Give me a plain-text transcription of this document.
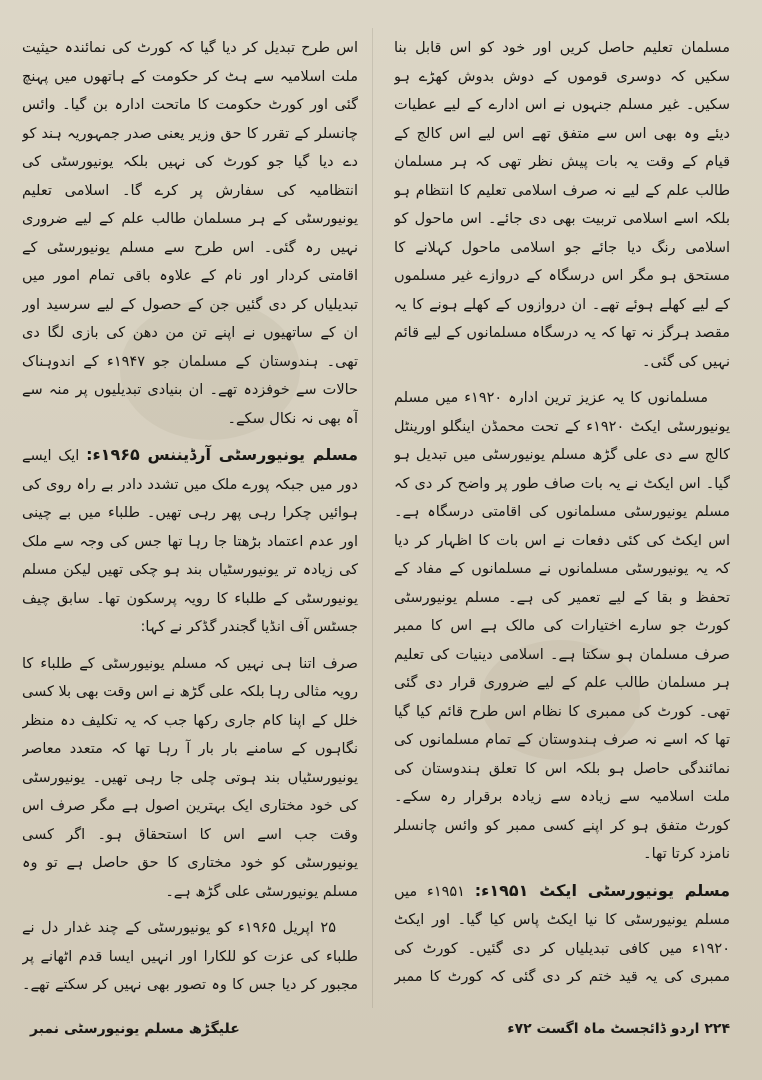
مسلمان تعلیم حاصل کریں اور خود کو اس قابل بنا سکیں کہ دوسری قوموں کے دوش بدوش کھڑے ہو سکیں۔ غیر مسلم جنہوں نے اس ادارے کے لیے عطیات دیئے وہ بھی اس سے متفق تھے اس لیے اس کالج کے قیام کے وقت یہ بات پیش نظر تھی کہ ہر مسلمان طالب علم کے لیے نہ صرف اسلامی تعلیم کا انتظام ہو بلکہ اسے اسلامی تربیت بھی دی جائے۔ اس ماحول کو اسلامی رنگ دیا جائے جو اسلامی ماحول کہلانے کا مستحق ہو مگر اس درسگاہ کے دروازے غیر مسلموں کے لیے کھلے ہوئے تھے۔ ان دروازوں کے کھلے ہونے کا یہ مقصد ہرگز نہ تھا کہ یہ درسگاہ مسلمانوں کے لیے قائم نہیں کی گئی۔

مسلمانوں کا یہ عزیز ترین ادارہ ۱۹۲۰ء میں مسلم یونیورسٹی ایکٹ ۱۹۲۰ء کے تحت محمڈن اینگلو اورینٹل کالج سے دی علی گڑھ مسلم یونیورسٹی میں تبدیل ہو گیا۔ اس ایکٹ نے یہ بات صاف طور پر واضح کر دی کہ مسلم یونیورسٹی مسلمانوں کی اقامتی درسگاہ ہے۔ اس ایکٹ کی کئی دفعات نے اس بات کا اظہار کر دیا کہ یہ یونیورسٹی مسلمانوں نے مسلمانوں کے مفاد کے تحفظ و بقا کے لیے تعمیر کی ہے۔ مسلم یونیورسٹی کورٹ جو سارے اختیارات کی مالک ہے اس کا ممبر صرف مسلمان ہو سکتا ہے۔ اسلامی دینیات کی تعلیم ہر مسلمان طالب علم کے لیے ضروری قرار دی گئی تھی۔ کورٹ کی ممبری کا نظام اس طرح قائم کیا گیا تھا کہ اسے نہ صرف ہندوستان کے تمام مسلمانوں کی نمائندگی حاصل ہو بلکہ اس کا تعلق ہندوستان کی ملت اسلامیہ سے زیادہ سے زیادہ برقرار رہ سکے۔ کورٹ متفق ہو کر اپنے کسی ممبر کو وائس چانسلر نامزد کرتا تھا۔

مسلم یونیورسٹی ایکٹ ۱۹۵۱ء: ۱۹۵۱ء میں مسلم یونیورسٹی کا نیا ایکٹ پاس کیا گیا۔ اور ایکٹ ۱۹۲۰ء میں کافی تبدیلیاں کر دی گئیں۔ کورٹ کی ممبری کی یہ قید ختم کر دی گئی کہ کورٹ کا ممبر

اس طرح تبدیل کر دیا گیا کہ کورٹ کی نمائندہ حیثیت ملت اسلامیہ سے ہٹ کر حکومت کے ہاتھوں میں پہنچ گئی اور کورٹ حکومت کا ماتحت ادارہ بن گیا۔ وائس چانسلر کے تقرر کا حق وزیر یعنی صدر جمہوریہ ہند کو دے دیا گیا جو کورٹ کی نہیں بلکہ یونیورسٹی کی انتظامیہ کی سفارش پر کرے گا۔ اسلامی تعلیم یونیورسٹی کے ہر مسلمان طالب علم کے لیے ضروری نہیں رہ گئی۔ اس طرح سے مسلم یونیورسٹی کے اقامتی کردار اور نام کے علاوہ باقی تمام امور میں تبدیلیاں کر دی گئیں جن کے حصول کے لیے سرسید اور ان کے ساتھیوں نے اپنے تن من دھن کی بازی لگا دی تھی۔ ہندوستان کے مسلمان جو ۱۹۴۷ء کے اندوہناک حالات سے خوفزدہ تھے۔ ان بنیادی تبدیلیوں پر منہ سے آہ بھی نہ نکال سکے۔

مسلم یونیورسٹی آرڈیننس ۱۹۶۵ء: ایک ایسے دور میں جبکہ پورے ملک میں تشدد دادر بے راہ روی کی ہوائیں چکرا رہی پھر رہی تھیں۔ طلباء میں بے چینی اور عدم اعتماد بڑھتا جا رہا تھا جس کی وجہ سے ملک کی زیادہ تر یونیورسٹیاں بند ہو چکی تھیں لیکن مسلم یونیورسٹی کے طلباء کا رویہ پرسکون تھا۔ سابق چیف جسٹس آف انڈیا گجندر گڈکر نے کہا:

صرف اتنا ہی نہیں کہ مسلم یونیورسٹی کے طلباء کا رویہ مثالی رہا بلکہ علی گڑھ نے اس وقت بھی بلا کسی خلل کے اپنا کام جاری رکھا جب کہ یہ تکلیف دہ منظر نگاہوں کے سامنے بار بار آ رہا تھا کہ متعدد معاصر یونیورسٹیاں بند ہوتی چلی جا رہی تھیں۔ یونیورسٹی کی خود مختاری ایک بہترین اصول ہے مگر صرف اس وقت جب اسے اس کا استحقاق ہو۔ اگر کسی یونیورسٹی کو خود مختاری کا حق حاصل ہے تو وہ مسلم یونیورسٹی علی گڑھ ہے۔

۲۵ اپریل ۱۹۶۵ء کو یونیورسٹی کے چند غدار دل نے طلباء کی عزت کو للکارا اور انہیں ایسا قدم اٹھانے پر مجبور کر دیا جس کا وہ تصور بھی نہیں کر سکتے تھے۔

۲۲۴ اردو ڈائجسٹ ماہ اگست ۷۲ء
علیگڑھ مسلم یونیورسٹی نمبر
